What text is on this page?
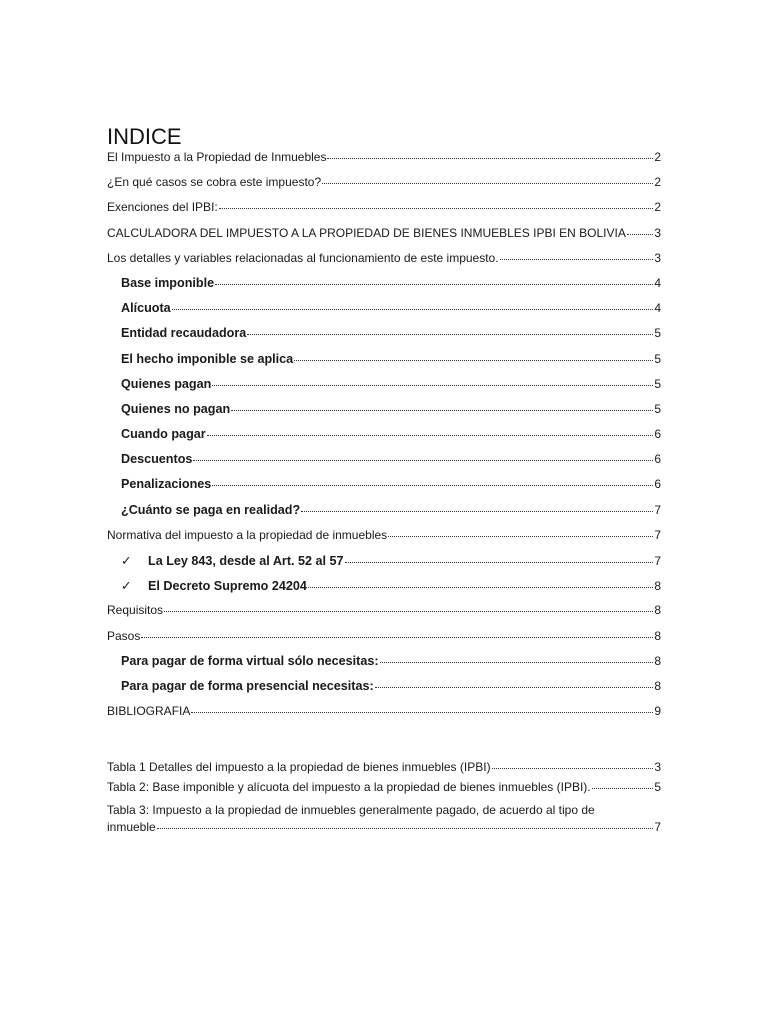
INDICE
El Impuesto a la Propiedad de Inmuebles	2
¿En qué casos se cobra este impuesto?	2
Exenciones del IPBI:	2
CALCULADORA DEL IMPUESTO A LA PROPIEDAD DE BIENES INMUEBLES IPBI EN BOLIVIA 3
Los detalles y variables relacionadas al funcionamiento de este impuesto.	3
Base imponible	4
Alícuota	4
Entidad recaudadora	5
El hecho imponible se aplica	5
Quienes pagan	5
Quienes no pagan	5
Cuando pagar	6
Descuentos	6
Penalizaciones	6
¿Cuánto se paga en realidad?	7
Normativa del impuesto a la propiedad de inmuebles	7
✓	La Ley 843, desde al Art. 52 al 57	7
✓	El Decreto Supremo 24204	8
Requisitos	8
Pasos	8
Para pagar de forma virtual sólo necesitas:	8
Para pagar de forma presencial necesitas:	8
BIBLIOGRAFIA	9
Tabla 1 Detalles del impuesto a la propiedad de bienes inmuebles (IPBI)	3
Tabla 2: Base imponible y alícuota del impuesto a la propiedad de bienes inmuebles (IPBI).	5
Tabla 3: Impuesto a la propiedad de inmuebles generalmente pagado, de acuerdo al tipo de
inmueble	7
